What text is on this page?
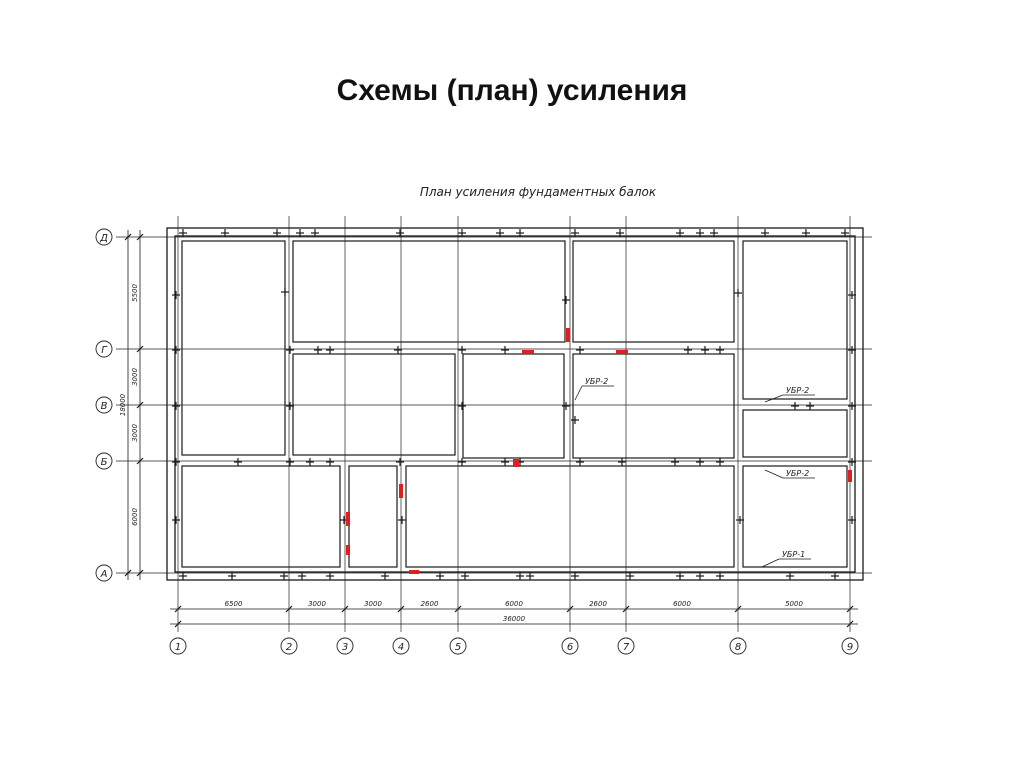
Схемы (план) усиления
План усиления фундаментных балок
1	2	3	4	5	6	7	8	9
Д
Г
В
Б
А
6500	3000	3000	2600	6000	2600	6000	5000
36000
5500
3000
3000
6000
18000
УБР-2
УБР-2
УБР-2
УБР-1
